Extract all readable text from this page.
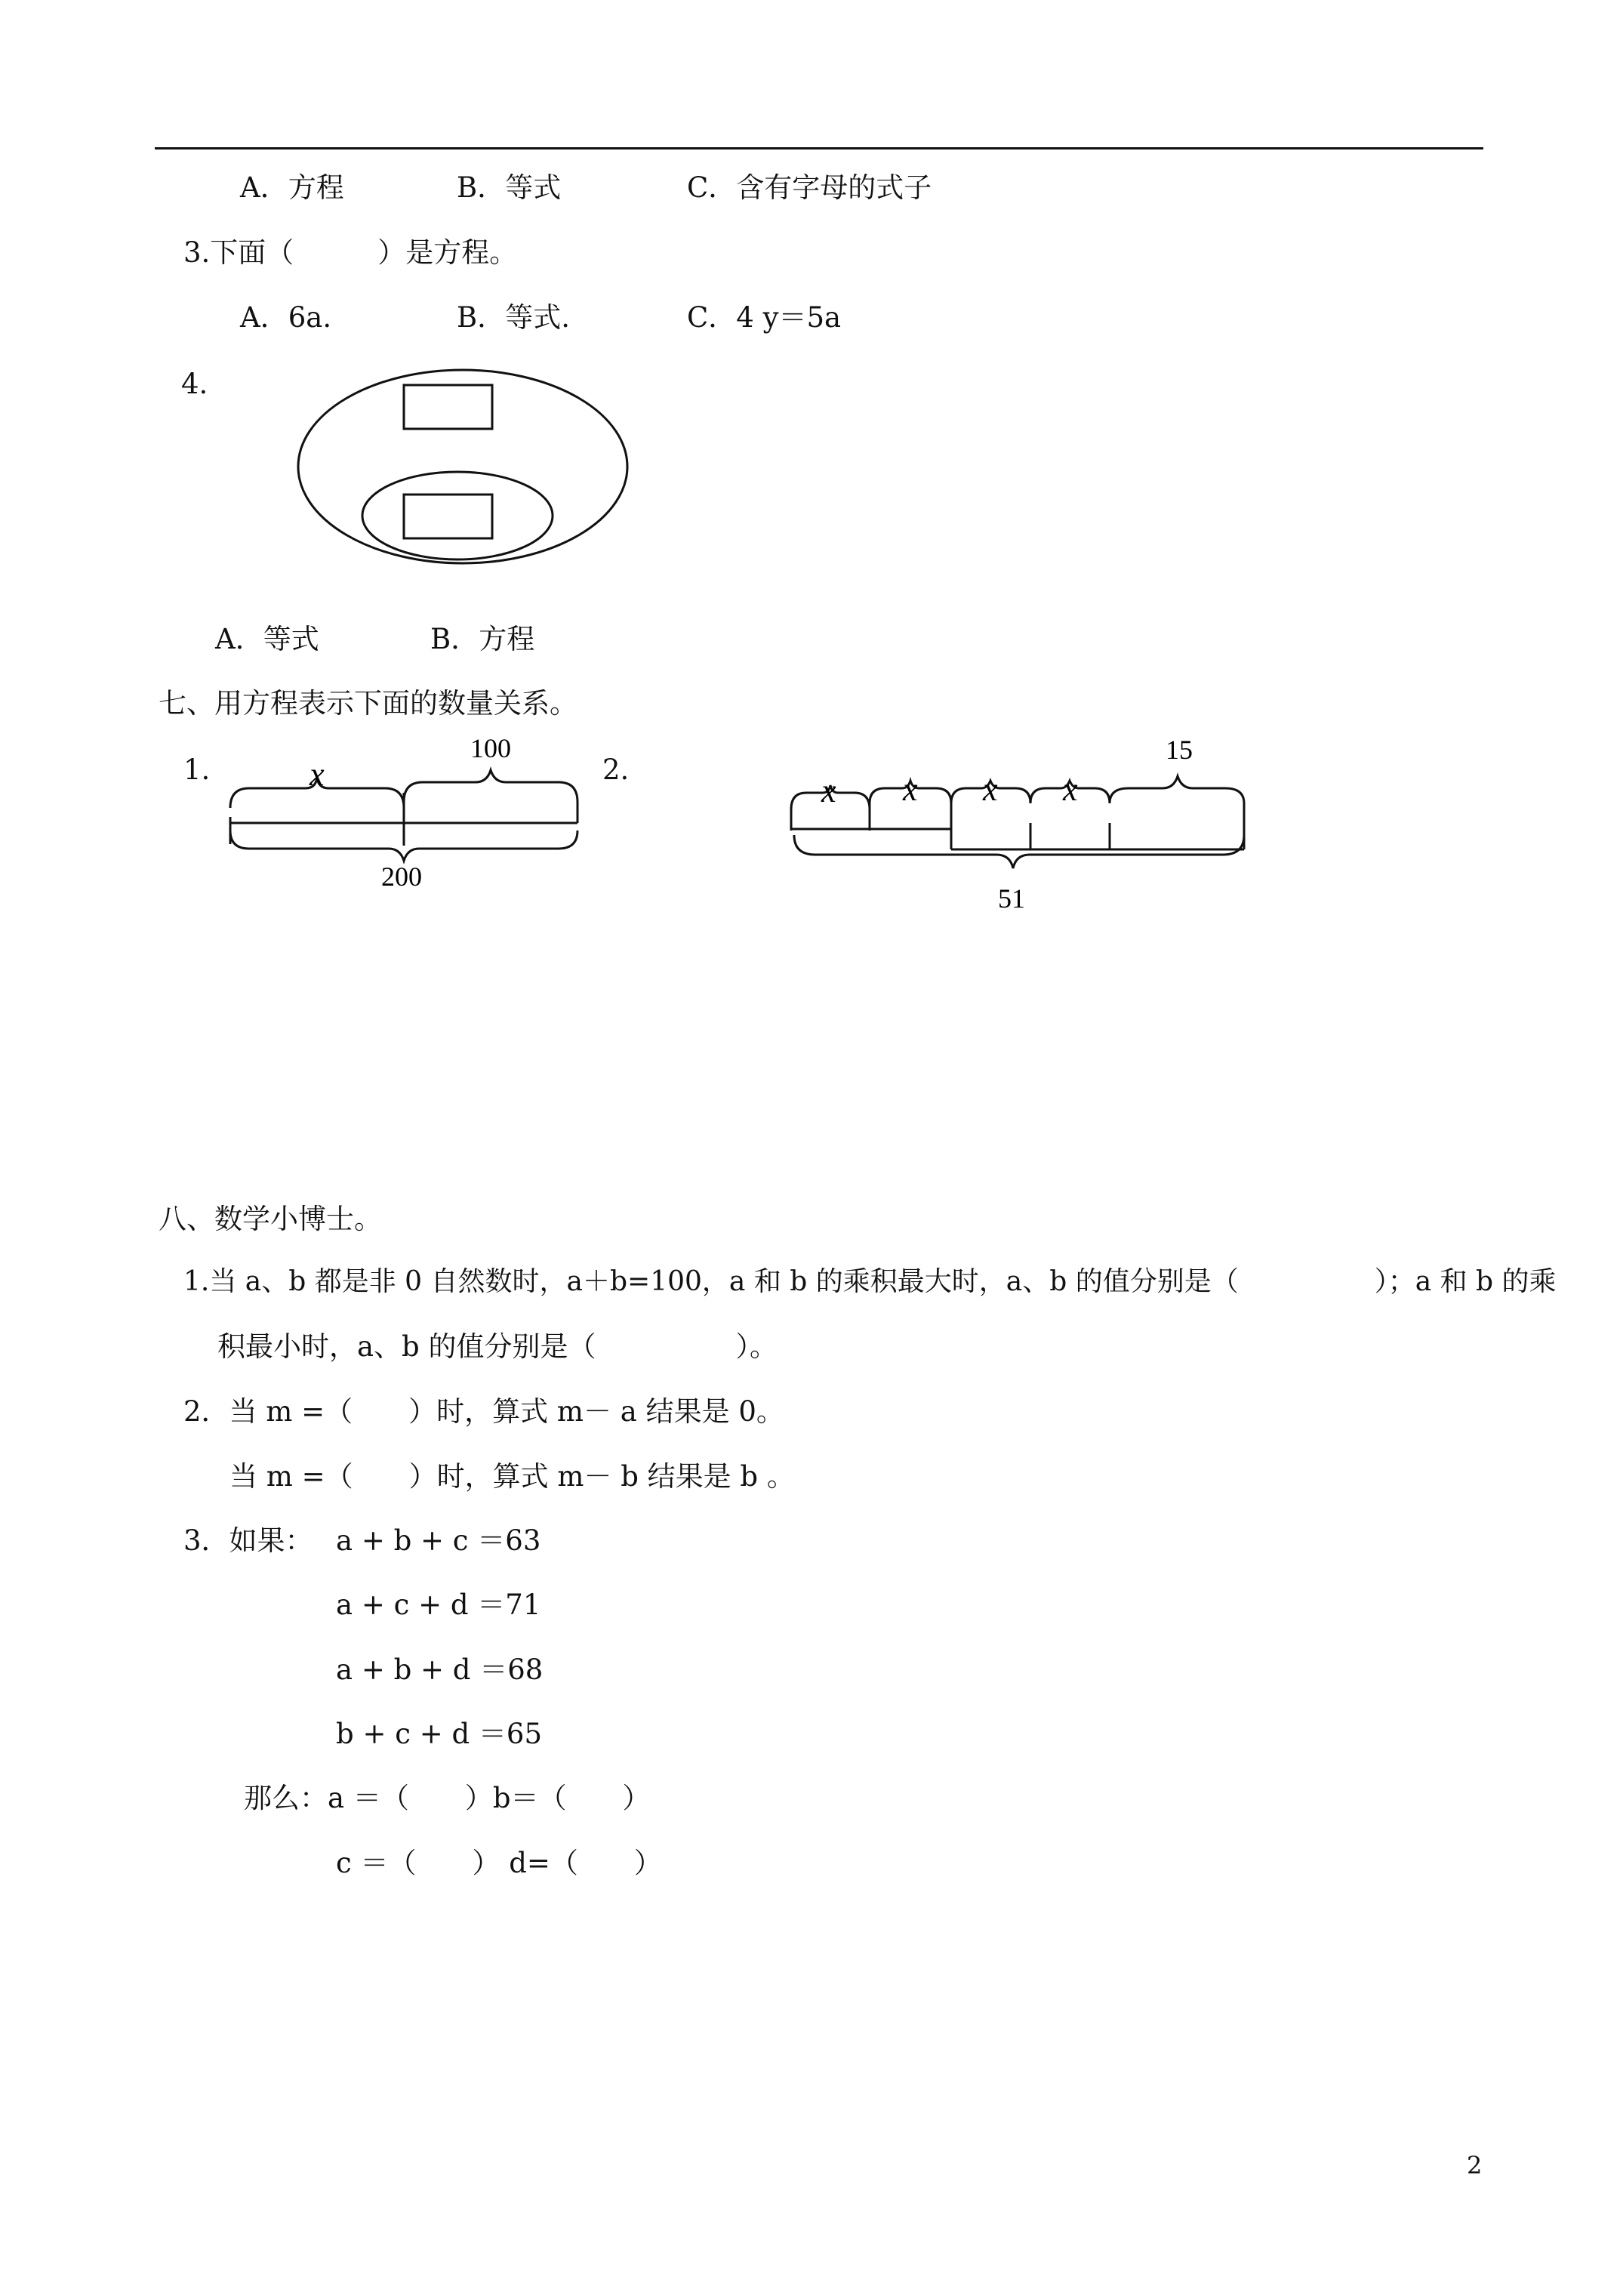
A．方程	B．等式	C．含有字母的式子
3.下面（　　　）是方程。
A．6a.	B．等式.	C．4 y＝5a
4.
A．等式	B．方程
七、用方程表示下面的数量关系。
1.	2.
x
100
200
x x x x
15
51
八、数学小博士。
1.当 a、b 都是非 0 自然数时，a＋b=100，a 和 b 的乘积最大时，a、b 的值分别是（　　　　　）；a 和 b 的乘
积最小时，a、b 的值分别是（　　　　　）。
2．当 m =（　　）时，算式 m－ a 结果是 0。
当 m =（　　）时，算式 m－ b 结果是 b 。
3．如果： a + b + c ＝63
a + c + d ＝71
a + b + d ＝68
b + c + d ＝65
那么：a ＝（　　）b＝（　　）
c ＝（　　） d=（　　）
2
